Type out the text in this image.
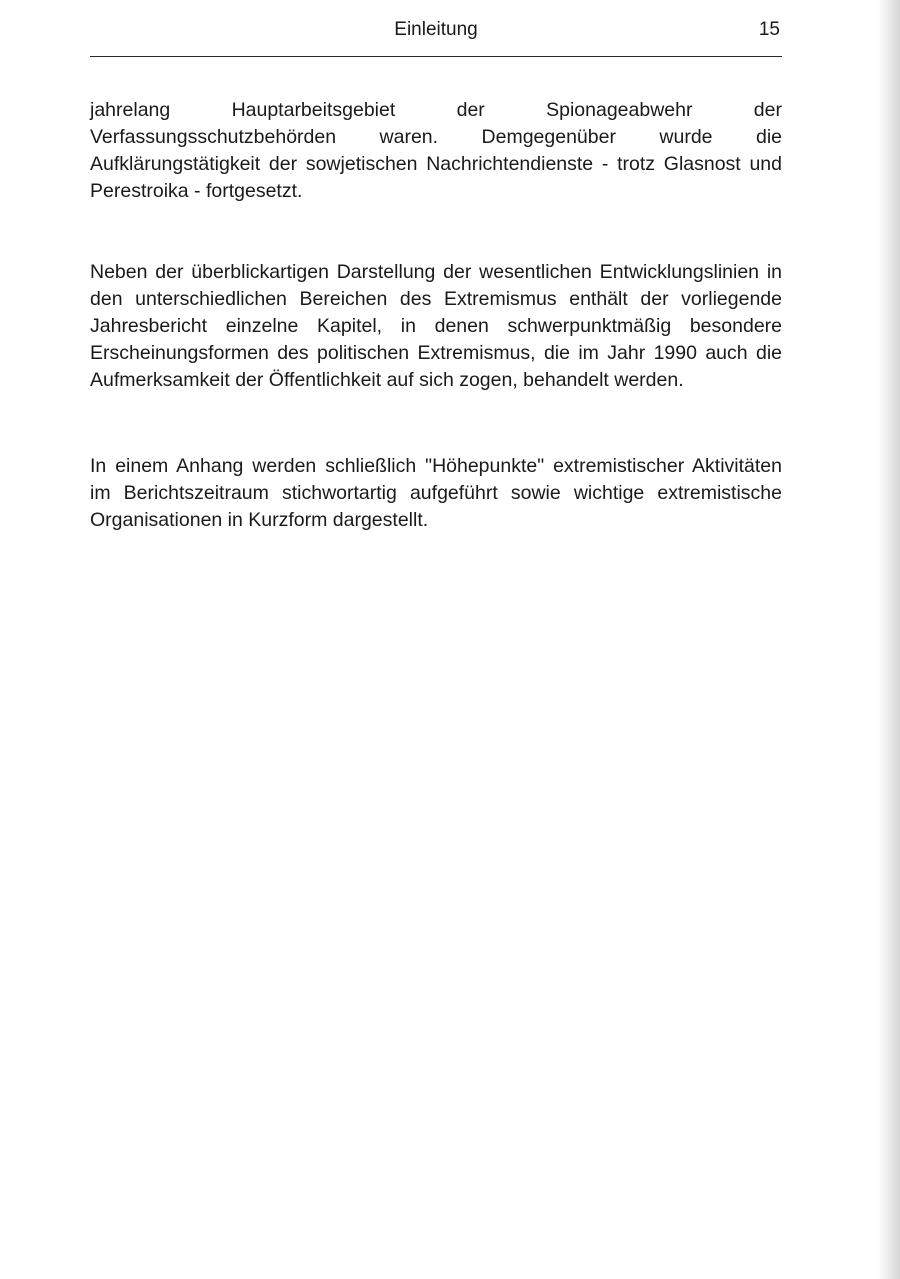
Einleitung	15

jahrelang Hauptarbeitsgebiet der Spionageabwehr der Verfassungsschutzbehörden waren. Demgegenüber wurde die Aufklärungstätigkeit der sowjetischen Nachrichtendienste - trotz Glasnost und Perestroika - fortgesetzt.

Neben der überblickartigen Darstellung der wesentlichen Entwicklungslinien in den unterschiedlichen Bereichen des Extremismus enthält der vorliegende Jahresbericht einzelne Kapitel, in denen schwerpunktmäßig besondere Erscheinungsformen des politischen Extremismus, die im Jahr 1990 auch die Aufmerksamkeit der Öffentlichkeit auf sich zogen, behandelt werden.

In einem Anhang werden schließlich "Höhepunkte" extremistischer Aktivitäten im Berichtszeitraum stichwortartig aufgeführt sowie wichtige extremistische Organisationen in Kurzform dargestellt.
